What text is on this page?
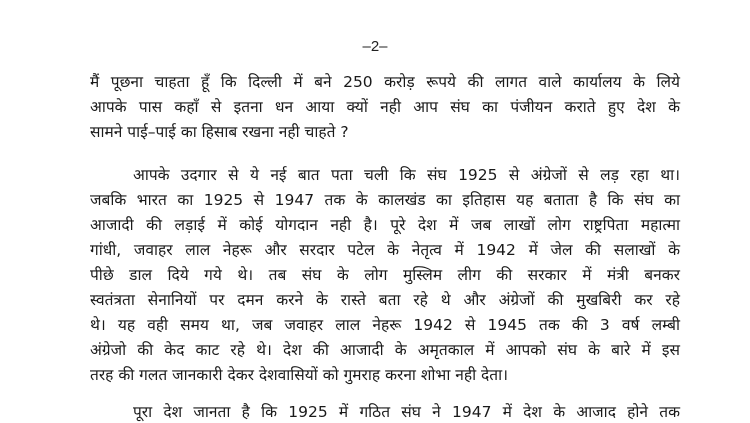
–2–
मैं पूछना चाहता हूँ कि दिल्ली में बने 250 करोड़ रूपये की लागत वाले कार्यालय के लिये
आपके पास कहाँ से इतना धन आया क्यों नही आप संघ का पंजीयन कराते हुए देश के
सामने पाई–पाई का हिसाब रखना नही चाहते ?
आपके उदगार से ये नई बात पता चली कि संघ 1925 से अंग्रेजों से लड़ रहा था।
जबकि भारत का 1925 से 1947 तक के कालखंड का इतिहास यह बताता है कि संघ का
आजादी की लड़ाई में कोई योगदान नही है। पूरे देश में जब लाखों लोग राष्ट्रपिता महात्मा
गांधी, जवाहर लाल नेहरू और सरदार पटेल के नेतृत्व में 1942 में जेल की सलाखों के
पीछे डाल दिये गये थे। तब संघ के लोग मुस्लिम लीग की सरकार में मंत्री बनकर
स्वतंत्रता सेनानियों पर दमन करने के रास्ते बता रहे थे और अंग्रेजों की मुखबिरी कर रहे
थे। यह वही समय था, जब जवाहर लाल नेहरू 1942 से 1945 तक की 3 वर्ष लम्बी
अंग्रेजो की केद काट रहे थे। देश की आजादी के अमृतकाल में आपको संघ के बारे में इस
तरह की गलत जानकारी देकर देशवासियों को गुमराह करना शोभा नही देता।
पूरा देश जानता है कि 1925 में गठित संघ ने 1947 में देश के आजाद होने तक
